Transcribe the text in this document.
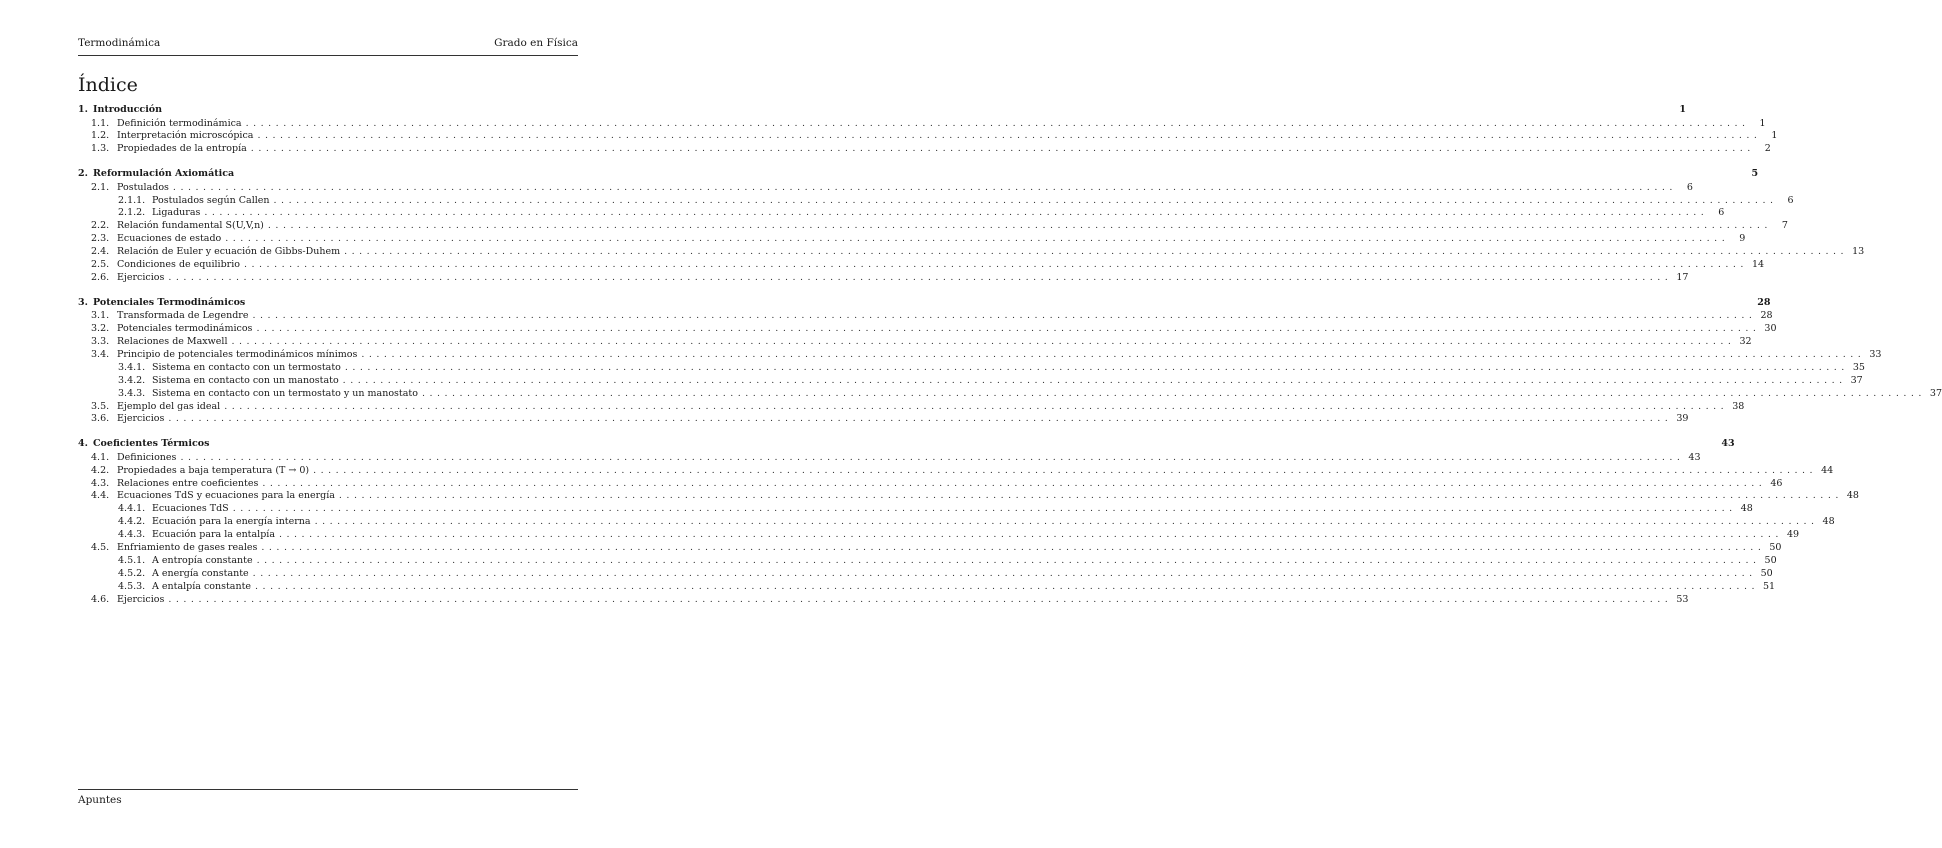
Termodinámica	Grado en Física
Índice
1. Introducción	1
1.1. Definición termodinámica ........................................................................................................................................................................................................	1
1.2. Interpretación microscópica ........................................................................................................................................................................................................	1
1.3. Propiedades de la entropía ........................................................................................................................................................................................................	2
2. Reformulación Axiomática	5
2.1. Postulados ........................................................................................................................................................................................................	6
2.1.1. Postulados según Callen ........................................................................................................................................................................................................	6
2.1.2. Ligaduras ........................................................................................................................................................................................................	6
2.2. Relación fundamental S(U,V,n) ........................................................................................................................................................................................................	7
2.3. Ecuaciones de estado ........................................................................................................................................................................................................	9
2.4. Relación de Euler y ecuación de Gibbs-Duhem ........................................................................................................................................................................................................ 13
2.5. Condiciones de equilibrio ........................................................................................................................................................................................................ 14
2.6. Ejercicios ........................................................................................................................................................................................................ 17
3. Potenciales Termodinámicos	28
3.1. Transformada de Legendre ........................................................................................................................................................................................................ 28
3.2. Potenciales termodinámicos ........................................................................................................................................................................................................ 30
3.3. Relaciones de Maxwell ........................................................................................................................................................................................................ 32
3.4. Principio de potenciales termodinámicos mínimos ........................................................................................................................................................................................................ 33
3.4.1. Sistema en contacto con un termostato ........................................................................................................................................................................................................ 35
3.4.2. Sistema en contacto con un manostato ........................................................................................................................................................................................................ 37
3.4.3. Sistema en contacto con un termostato y un manostato ........................................................................................................................................................................................................ 37
3.5. Ejemplo del gas ideal ........................................................................................................................................................................................................ 38
3.6. Ejercicios ........................................................................................................................................................................................................ 39
4. Coeficientes Térmicos	43
4.1. Definiciones ........................................................................................................................................................................................................ 43
4.2. Propiedades a baja temperatura (T → 0) ........................................................................................................................................................................................................ 44
4.3. Relaciones entre coeficientes ........................................................................................................................................................................................................ 46
4.4. Ecuaciones TdS y ecuaciones para la energía ........................................................................................................................................................................................................ 48
4.4.1. Ecuaciones TdS ........................................................................................................................................................................................................ 48
4.4.2. Ecuación para la energía interna ........................................................................................................................................................................................................ 48
4.4.3. Ecuación para la entalpía ........................................................................................................................................................................................................ 49
4.5. Enfriamiento de gases reales ........................................................................................................................................................................................................ 50
4.5.1. A entropía constante ........................................................................................................................................................................................................ 50
4.5.2. A energía constante ........................................................................................................................................................................................................ 50
4.5.3. A entalpía constante ........................................................................................................................................................................................................ 51
4.6. Ejercicios ........................................................................................................................................................................................................ 53
Apuntes
